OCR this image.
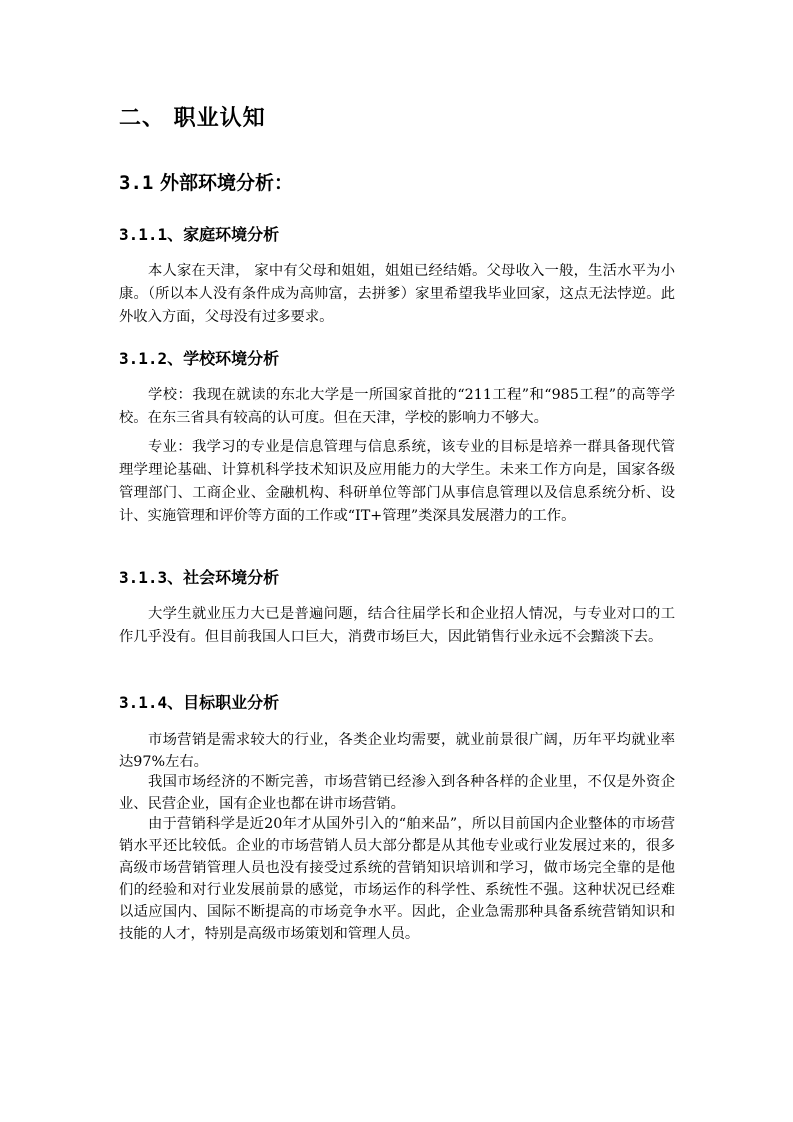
二、 职业认知
3.1 外部环境分析：
3.1.1、家庭环境分析

本人家在天津， 家中有父母和姐姐，姐姐已经结婚。父母收入一般，生活水平为小康。（所以本人没有条件成为高帅富，去拼爹）家里希望我毕业回家，这点无法悖逆。此外收入方面，父母没有过多要求。

3.1.2、学校环境分析

学校：我现在就读的东北大学是一所国家首批的“211工程”和“985工程”的高等学校。在东三省具有较高的认可度。但在天津，学校的影响力不够大。

专业：我学习的专业是信息管理与信息系统，该专业的目标是培养一群具备现代管理学理论基础、计算机科学技术知识及应用能力的大学生。未来工作方向是，国家各级管理部门、工商企业、金融机构、科研单位等部门从事信息管理以及信息系统分析、设计、实施管理和评价等方面的工作或“IT+管理”类深具发展潜力的工作。

3.1.3、社会环境分析

大学生就业压力大已是普遍问题，结合往届学长和企业招人情况，与专业对口的工作几乎没有。但目前我国人口巨大，消费市场巨大，因此销售行业永远不会黯淡下去。

3.1.4、目标职业分析

市场营销是需求较大的行业，各类企业均需要，就业前景很广阔，历年平均就业率达97%左右。

我国市场经济的不断完善，市场营销已经渗入到各种各样的企业里，不仅是外资企业、民营企业，国有企业也都在讲市场营销。

由于营销科学是近20年才从国外引入的“舶来品”，所以目前国内企业整体的市场营销水平还比较低。企业的市场营销人员大部分都是从其他专业或行业发展过来的，很多高级市场营销管理人员也没有接受过系统的营销知识培训和学习，做市场完全靠的是他们的经验和对行业发展前景的感觉，市场运作的科学性、系统性不强。这种状况已经难以适应国内、国际不断提高的市场竞争水平。因此，企业急需那种具备系统营销知识和技能的人才，特别是高级市场策划和管理人员。
